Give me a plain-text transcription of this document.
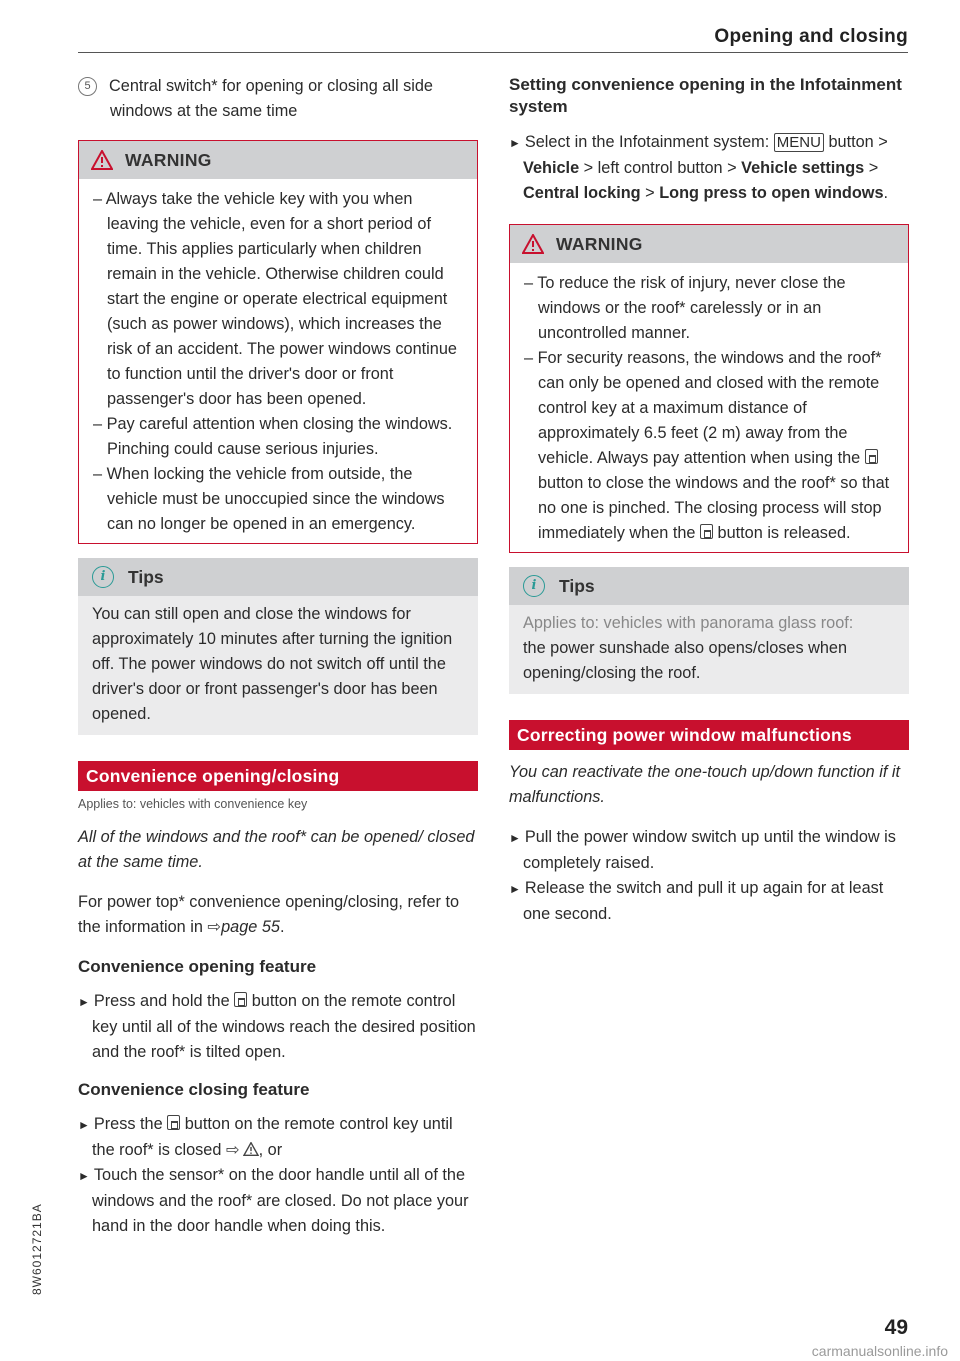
Opening and closing
5 Central switch* for opening or closing all side windows at the same time
WARNING
– Always take the vehicle key with you when leaving the vehicle, even for a short period of time. This applies particularly when children remain in the vehicle. Otherwise children could start the engine or operate electrical equipment (such as power windows), which increases the risk of an accident. The power windows continue to function until the driver's door or front passenger's door has been opened.
– Pay careful attention when closing the windows. Pinching could cause serious injuries.
– When locking the vehicle from outside, the vehicle must be unoccupied since the windows can no longer be opened in an emergency.
i	Tips
You can still open and close the windows for approximately 10 minutes after turning the ignition off. The power windows do not switch off until the driver's door or front passenger's door has been opened.
Convenience opening/closing
Applies to: vehicles with convenience key
All of the windows and the roof* can be opened/ closed at the same time.
For power top* convenience opening/closing, refer to the information in ⇨page 55.
Convenience opening feature
► Press and hold the  button on the remote control key until all of the windows reach the desired position and the roof* is tilted open.
Convenience closing feature
► Press the  button on the remote control key until the roof* is closed ⇨ , or
► Touch the sensor* on the door handle until all of the windows and the roof* are closed. Do not place your hand in the door handle when doing this.
Setting convenience opening in the Infotainment system
► Select in the Infotainment system: MENU button > Vehicle > left control button > Vehicle settings > Central locking > Long press to open windows.
WARNING
– To reduce the risk of injury, never close the windows or the roof* carelessly or in an uncontrolled manner.
– For security reasons, the windows and the roof* can only be opened and closed with the remote control key at a maximum distance of approximately 6.5 feet (2 m) away from the vehicle. Always pay attention when using the  button to close the windows and the roof* so that no one is pinched. The closing process will stop immediately when the  button is released.
i	Tips
Applies to: vehicles with panorama glass roof:
the power sunshade also opens/closes when opening/closing the roof.
Correcting power window malfunctions
You can reactivate the one-touch up/down function if it malfunctions.
► Pull the power window switch up until the window is completely raised.
► Release the switch and pull it up again for at least one second.
8W6012721BA
49
carmanualsonline.info
